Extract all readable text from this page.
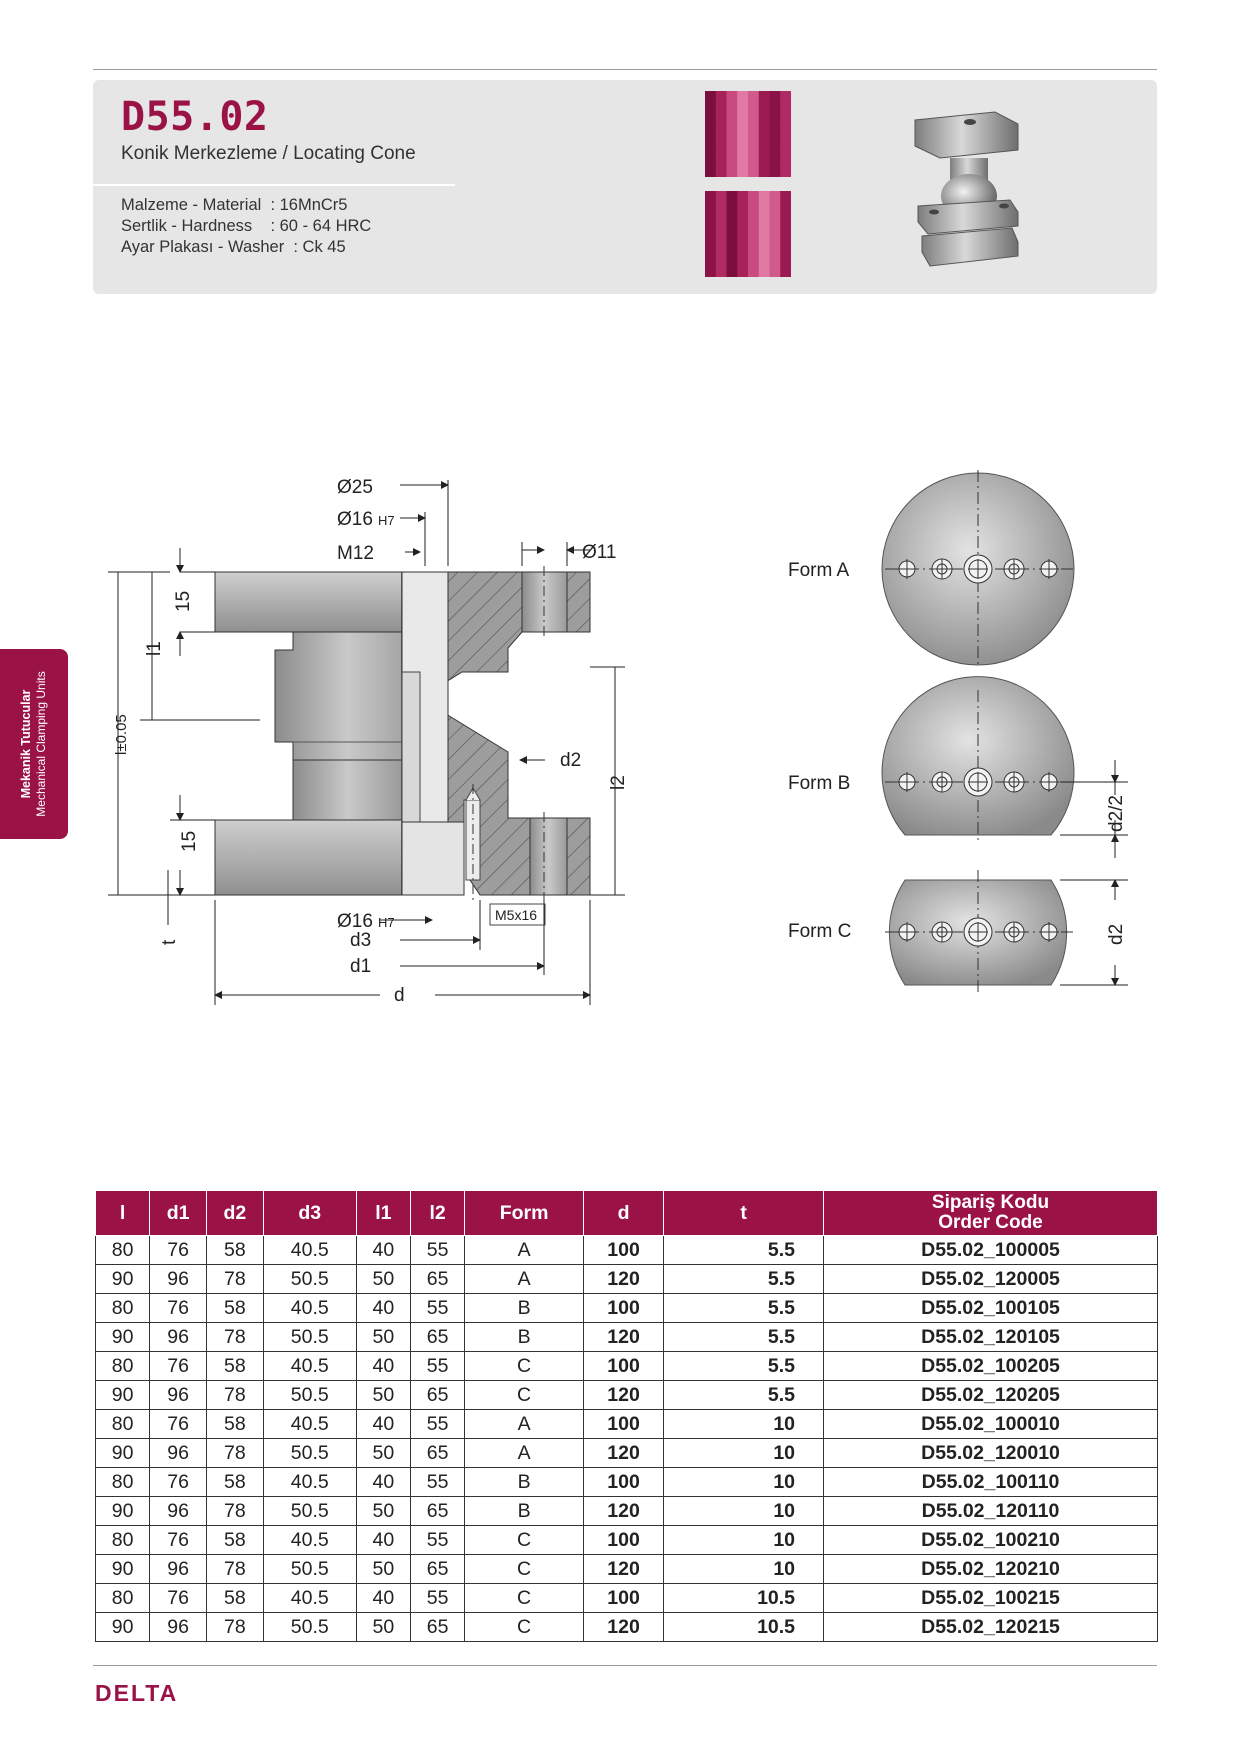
D55.02
Konik Merkezleme / Locating Cone
Malzeme - Material  : 16MnCr5
Sertlik - Hardness    : 60 - 64 HRC
Ayar Plakası - Washer  : Ck 45
Mekanik Tutucular Mechanical Clamping Units
Ø25
Ø16 H7
M12	Ø11
15
l1
l±0.05
15
t
d2
l2
M5x16
Ø16 H7
d3
d1
d
Form A
Form B
Form C
d2/2
d2
l	d1	d2	d3	l1	l2	Form	d	t	Sipariş Kodu
Order Code

80	76	58	40.5	40	55	A	100	5.5	D55.02_100005
90	96	78	50.5	50	65	A	120	5.5	D55.02_120005
80	76	58	40.5	40	55	B	100	5.5	D55.02_100105
90	96	78	50.5	50	65	B	120	5.5	D55.02_120105
80	76	58	40.5	40	55	C	100	5.5	D55.02_100205
90	96	78	50.5	50	65	C	120	5.5	D55.02_120205
80	76	58	40.5	40	55	A	100	10	D55.02_100010
90	96	78	50.5	50	65	A	120	10	D55.02_120010
80	76	58	40.5	40	55	B	100	10	D55.02_100110
90	96	78	50.5	50	65	B	120	10	D55.02_120110
80	76	58	40.5	40	55	C	100	10	D55.02_100210
90	96	78	50.5	50	65	C	120	10	D55.02_120210
80	76	58	40.5	40	55	C	100	10.5	D55.02_100215
90	96	78	50.5	50	65	C	120	10.5	D55.02_120215
DELTA
